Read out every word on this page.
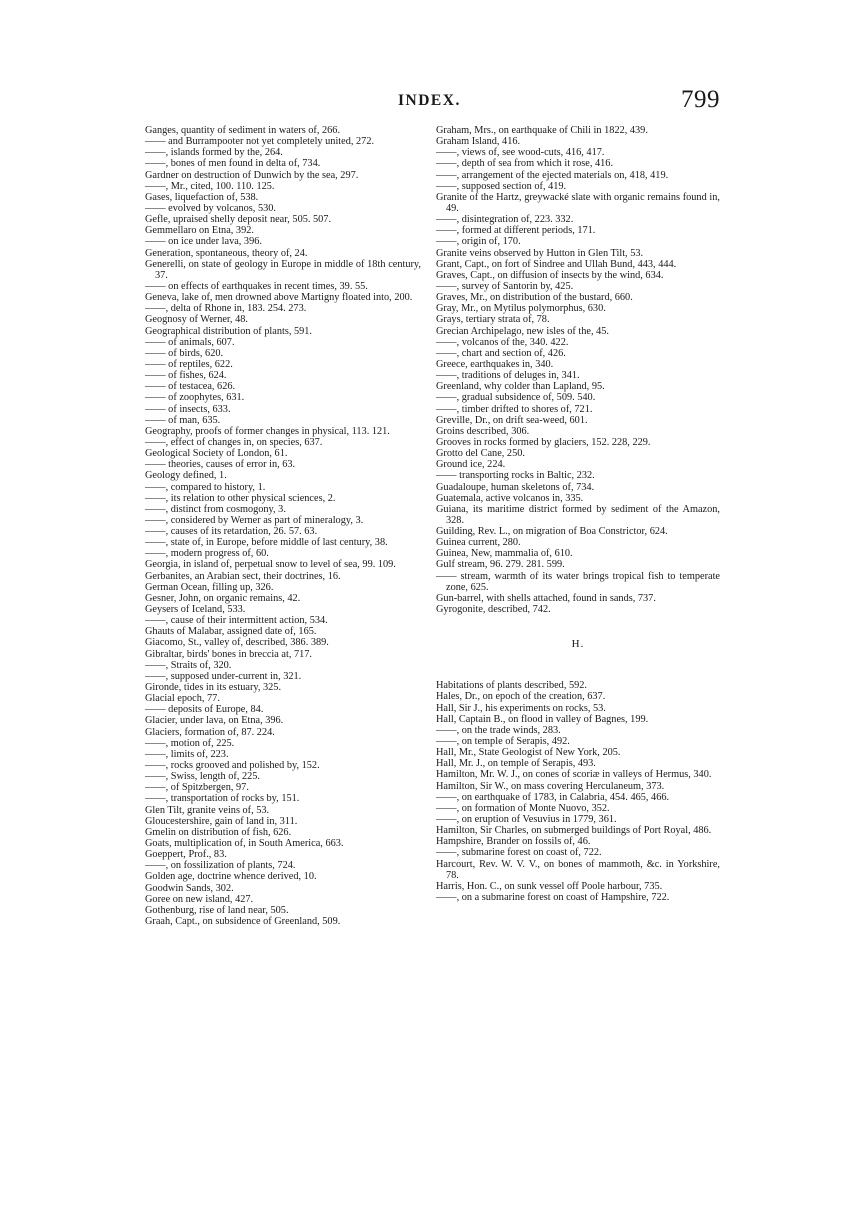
INDEX.	799

Ganges, quantity of sediment in waters of, 266.

—— and Burrampooter not yet completely united, 272.

——, islands formed by the, 264.

——, bones of men found in delta of, 734.

Gardner on destruction of Dunwich by the sea, 297.

——, Mr., cited, 100. 110. 125.

Gases, liquefaction of, 538.

—— evolved by volcanos, 530.

Gefle, upraised shelly deposit near, 505. 507.

Gemmellaro on Etna, 392.

—— on ice under lava, 396.

Generation, spontaneous, theory of, 24.

Generelli, on state of geology in Europe in middle of 18th century, 37.

—— on effects of earthquakes in recent times, 39. 55.

Geneva, lake of, men drowned above Martigny floated into, 200.

——, delta of Rhone in, 183. 254. 273.

Geognosy of Werner, 48.

Geographical distribution of plants, 591.

—— of animals, 607.

—— of birds, 620.

—— of reptiles, 622.

—— of fishes, 624.

—— of testacea, 626.

—— of zoophytes, 631.

—— of insects, 633.

—— of man, 635.

Geography, proofs of former changes in physical, 113. 121.

——, effect of changes in, on species, 637.

Geological Society of London, 61.

—— theories, causes of error in, 63.

Geology defined, 1.

——, compared to history, 1.

——, its relation to other physical sciences, 2.

——, distinct from cosmogony, 3.

——, considered by Werner as part of mineralogy, 3.

——, causes of its retardation, 26. 57. 63.

——, state of, in Europe, before middle of last century, 38.

——, modern progress of, 60.

Georgia, in island of, perpetual snow to level of sea, 99. 109.

Gerbanites, an Arabian sect, their doctrines, 16.

German Ocean, filling up, 326.

Gesner, John, on organic remains, 42.

Geysers of Iceland, 533.

——, cause of their intermittent action, 534.

Ghauts of Malabar, assigned date of, 165.

Giacomo, St., valley of, described, 386. 389.

Gibraltar, birds' bones in breccia at, 717.

——, Straits of, 320.

——, supposed under-current in, 321.

Gironde, tides in its estuary, 325.

Glacial epoch, 77.

—— deposits of Europe, 84.

Glacier, under lava, on Etna, 396.

Glaciers, formation of, 87. 224.

——, motion of, 225.

——, limits of, 223.

——, rocks grooved and polished by, 152.

——, Swiss, length of, 225.

——, of Spitzbergen, 97.

——, transportation of rocks by, 151.

Glen Tilt, granite veins of, 53.

Gloucestershire, gain of land in, 311.

Gmelin on distribution of fish, 626.

Goats, multiplication of, in South America, 663.

Goeppert, Prof., 83.

——, on fossilization of plants, 724.

Golden age, doctrine whence derived, 10.

Goodwin Sands, 302.

Goree on new island, 427.

Gothenburg, rise of land near, 505.

Graah, Capt., on subsidence of Greenland, 509.

Graham, Mrs., on earthquake of Chili in 1822, 439.

Graham Island, 416.

——, views of, see wood-cuts, 416, 417.

——, depth of sea from which it rose, 416.

——, arrangement of the ejected materials on, 418, 419.

——, supposed section of, 419.

Granite of the Hartz, greywacké slate with organic remains found in, 49.

——, disintegration of, 223. 332.

——, formed at different periods, 171.

——, origin of, 170.

Granite veins observed by Hutton in Glen Tilt, 53.

Grant, Capt., on fort of Sindree and Ullah Bund, 443, 444.

Graves, Capt., on diffusion of insects by the wind, 634.

——, survey of Santorin by, 425.

Graves, Mr., on distribution of the bustard, 660.

Gray, Mr., on Mytilus polymorphus, 630.

Grays, tertiary strata of, 78.

Grecian Archipelago, new isles of the, 45.

——, volcanos of the, 340. 422.

——, chart and section of, 426.

Greece, earthquakes in, 340.

——, traditions of deluges in, 341.

Greenland, why colder than Lapland, 95.

——, gradual subsidence of, 509. 540.

——, timber drifted to shores of, 721.

Greville, Dr., on drift sea-weed, 601.

Groins described, 306.

Grooves in rocks formed by glaciers, 152. 228, 229.

Grotto del Cane, 250.

Ground ice, 224.

—— transporting rocks in Baltic, 232.

Guadaloupe, human skeletons of, 734.

Guatemala, active volcanos in, 335.

Guiana, its maritime district formed by sediment of the Amazon, 328.

Guilding, Rev. L., on migration of Boa Constrictor, 624.

Guinea current, 280.

Guinea, New, mammalia of, 610.

Gulf stream, 96. 279. 281. 599.

—— stream, warmth of its water brings tropical fish to temperate zone, 625.

Gun-barrel, with shells attached, found in sands, 737.

Gyrogonite, described, 742.

H.

Habitations of plants described, 592.

Hales, Dr., on epoch of the creation, 637.

Hall, Sir J., his experiments on rocks, 53.

Hall, Captain B., on flood in valley of Bagnes, 199.

——, on the trade winds, 283.

——, on temple of Serapis, 492.

Hall, Mr., State Geologist of New York, 205.

Hall, Mr. J., on temple of Serapis, 493.

Hamilton, Mr. W. J., on cones of scoriæ in valleys of Hermus, 340.

Hamilton, Sir W., on mass covering Herculaneum, 373.

——, on earthquake of 1783, in Calabria, 454. 465, 466.

——, on formation of Monte Nuovo, 352.

——, on eruption of Vesuvius in 1779, 361.

Hamilton, Sir Charles, on submerged buildings of Port Royal, 486.

Hampshire, Brander on fossils of, 46.

——, submarine forest on coast of, 722.

Harcourt, Rev. W. V. V., on bones of mammoth, &c. in Yorkshire, 78.

Harris, Hon. C., on sunk vessel off Poole harbour, 735.

——, on a submarine forest on coast of Hampshire, 722.
